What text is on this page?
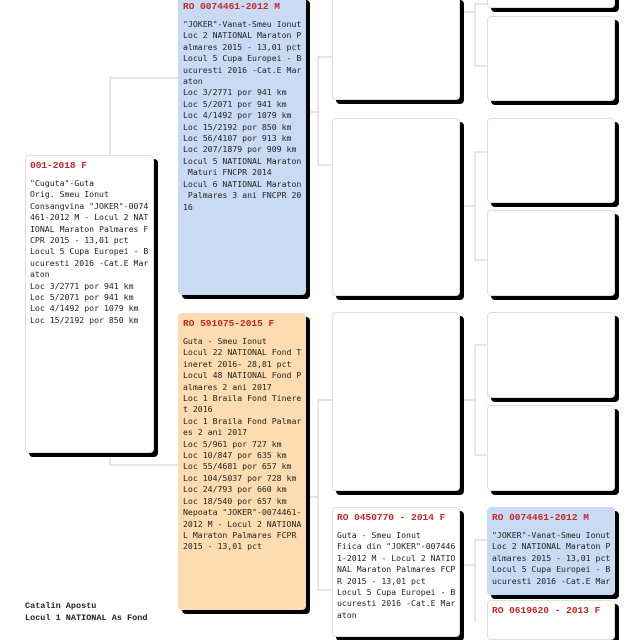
001-2018 F
"Cuguta"-Guta
Orig. Smeu Ionut
Consangvina "JOKER"-0074
461-2012 M - Locul 2 NAT
IONAL Maraton Palmares F
CPR 2015 - 13,01 pct
Locul 5 Cupa Europei - B
ucuresti 2016 -Cat.E Mar
aton
Loc 3/2771 por 941 km
Loc 5/2071 por 941 km
Loc 4/1492 por 1079 km
Loc 15/2192 por 850 km
RO 0074461-2012 M
"JOKER"-Vanat-Smeu Ionut
Loc 2 NATIONAL Maraton P
almares 2015 - 13,01 pct
Locul 5 Cupa Europei - B
ucuresti 2016 -Cat.E Mar
aton
Loc 3/2771 por 941 km
Loc 5/2071 por 941 km
Loc 4/1492 por 1079 km
Loc 15/2192 por 850 km
Loc 56/4107 por 913 km
Loc 207/1879 por 909 km
Locul 5 NATIONAL Maraton
Maturi FNCPR 2014
Locul 6 NATIONAL Maraton
Palmares 3 ani FNCPR 20
16
RO 591075-2015 F
Guta - Smeu Ionut
Locul 22 NATIONAL Fond T
ineret 2016- 28,81 pct
Locul 48 NATIONAL Fond P
almares 2 ani 2017
Loc 1 Braila Fond Tinere
t 2016
Loc 1 Braila Fond Palmar
es 2 ani 2017
Loc 5/961 por 727 km
Loc 10/847 por 635 km
Loc 55/4681 por 657 km
Loc 104/5037 por 728 km
Loc 24/793 por 660 km
Loc 18/540 por 657 km
Nepoata "JOKER"-0074461-
2012 M - Locul 2 NATIONA
L Maraton Palmares FCPR
2015 - 13,01 pct
RO 0450770 - 2014 F
Guta - Smeu Ionut
Fiica din "JOKER"-007446
1-2012 M - Locul 2 NATIO
NAL Maraton Palmares FCP
R 2015 - 13,01 pct
Locul 5 Cupa Europei - B
ucuresti 2016 -Cat.E Mar
aton
RO 0074461-2012 M
"JOKER"-Vanat-Smeu Ionut
Loc 2 NATIONAL Maraton P
almares 2015 - 13,01 pct
Locul 5 Cupa Europei - B
ucuresti 2016 -Cat.E Mar
RO 0619620 - 2013 F
Catalin Apostu
Locul 1 NATIONAL As Fond
